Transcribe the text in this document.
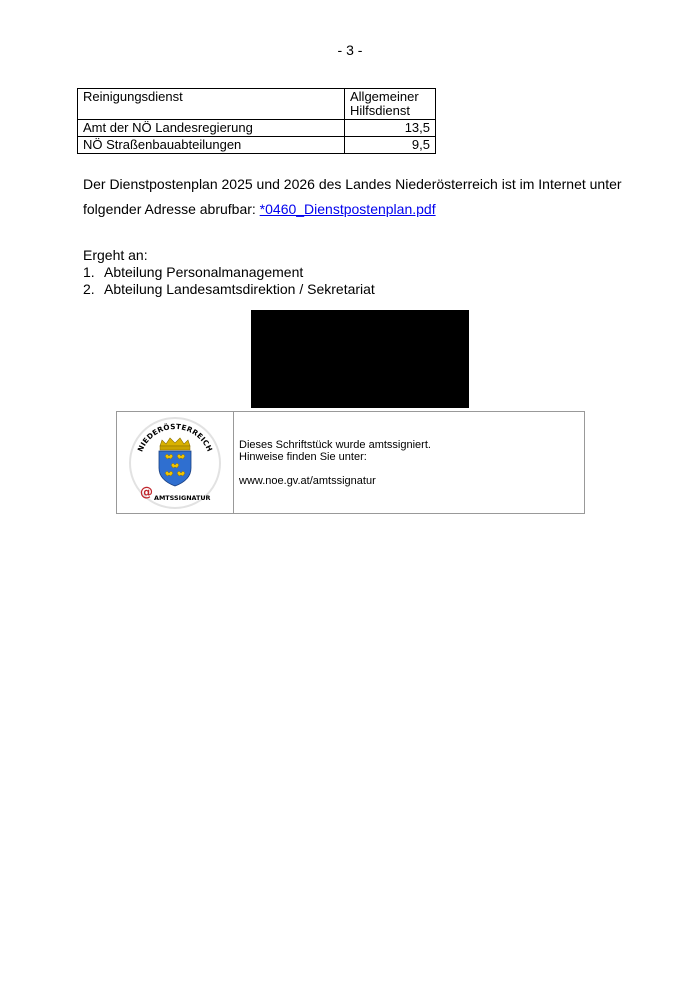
- 3 -
Reinigungsdienst	Allgemeiner Hilfsdienst
Amt der NÖ Landesregierung	13,5
NÖ Straßenbauabteilungen	9,5
Der Dienstpostenplan 2025 und 2026 des Landes Niederösterreich ist im Internet unter folgender Adresse abrufbar: *0460_Dienstpostenplan.pdf
Ergeht an:
1. Abteilung Personalmanagement
2. Abteilung Landesamtsdirektion / Sekretariat
NIEDERÖSTERREICH
@ AMTSSIGNATUR
Dieses Schriftstück wurde amtssigniert.
Hinweise finden Sie unter:
www.noe.gv.at/amtssignatur
